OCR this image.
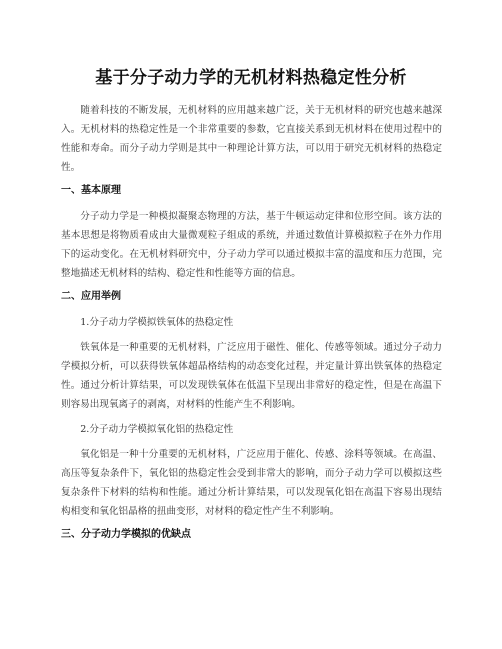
基于分子动力学的无机材料热稳定性分析

随着科技的不断发展，无机材料的应用越来越广泛，关于无机材料的研究也越来越深入。无机材料的热稳定性是一个非常重要的参数，它直接关系到无机材料在使用过程中的性能和寿命。而分子动力学则是其中一种理论计算方法，可以用于研究无机材料的热稳定性。

一、基本原理

分子动力学是一种模拟凝聚态物理的方法，基于牛顿运动定律和位形空间。该方法的基本思想是将物质看成由大量微观粒子组成的系统，并通过数值计算模拟粒子在外力作用下的运动变化。在无机材料研究中，分子动力学可以通过模拟丰富的温度和压力范围，完整地描述无机材料的结构、稳定性和性能等方面的信息。

二、应用举例

1.分子动力学模拟铁氧体的热稳定性

铁氧体是一种重要的无机材料，广泛应用于磁性、催化、传感等领域。通过分子动力学模拟分析，可以获得铁氧体超晶格结构的动态变化过程，并定量计算出铁氧体的热稳定性。通过分析计算结果，可以发现铁氧体在低温下呈现出非常好的稳定性，但是在高温下则容易出现氧离子的剥离，对材料的性能产生不利影响。

2.分子动力学模拟氧化铝的热稳定性

氧化铝是一种十分重要的无机材料，广泛应用于催化、传感、涂料等领域。在高温、高压等复杂条件下，氧化铝的热稳定性会受到非常大的影响，而分子动力学可以模拟这些复杂条件下材料的结构和性能。通过分析计算结果，可以发现氧化铝在高温下容易出现结构相变和氧化铝晶格的扭曲变形，对材料的稳定性产生不利影响。

三、分子动力学模拟的优缺点
